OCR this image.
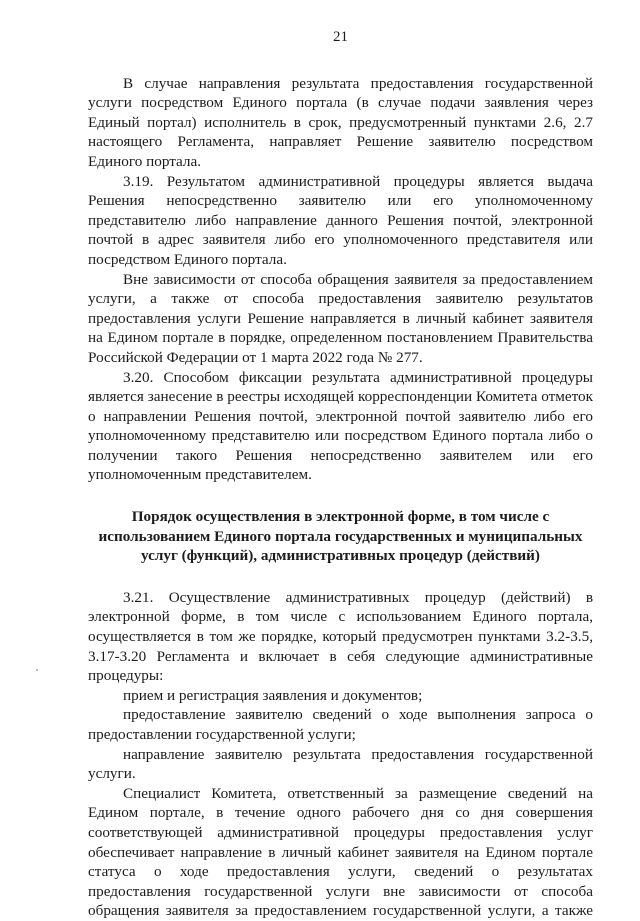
21

В случае направления результата предоставления государственной услуги посредством Единого портала (в случае подачи заявления через Единый портал) исполнитель в срок, предусмотренный пунктами 2.6, 2.7 настоящего Регламента, направляет Решение заявителю посредством Единого портала.

3.19. Результатом административной процедуры является выдача Решения непосредственно заявителю или его уполномоченному представителю либо направление данного Решения почтой, электронной почтой в адрес заявителя либо его уполномоченного представителя или посредством Единого портала.

Вне зависимости от способа обращения заявителя за предоставлением услуги, а также от способа предоставления заявителю результатов предоставления услуги Решение направляется в личный кабинет заявителя на Едином портале в порядке, определенном постановлением Правительства Российской Федерации от 1 марта 2022 года № 277.

3.20. Способом фиксации результата административной процедуры является занесение в реестры исходящей корреспонденции Комитета отметок о направлении Решения почтой, электронной почтой заявителю либо его уполномоченному представителю или посредством Единого портала либо о получении такого Решения непосредственно заявителем или его уполномоченным представителем.

Порядок осуществления в электронной форме, в том числе с использованием Единого портала государственных и муниципальных услуг (функций), административных процедур (действий)

3.21. Осуществление административных процедур (действий) в электронной форме, в том числе с использованием Единого портала, осуществляется в том же порядке, который предусмотрен пунктами 3.2-3.5, 3.17-3.20 Регламента и включает в себя следующие административные процедуры:

прием и регистрация заявления и документов;

предоставление заявителю сведений о ходе выполнения запроса о предоставлении государственной услуги;

направление заявителю результата предоставления государственной услуги.

Специалист Комитета, ответственный за размещение сведений на Едином портале, в течение одного рабочего дня со дня совершения соответствующей административной процедуры предоставления услуг обеспечивает направление в личный кабинет заявителя на Едином портале статуса о ходе предоставления услуги, сведений о результатах предоставления государственной услуги вне зависимости от способа обращения заявителя за предоставлением государственной услуги, а также
